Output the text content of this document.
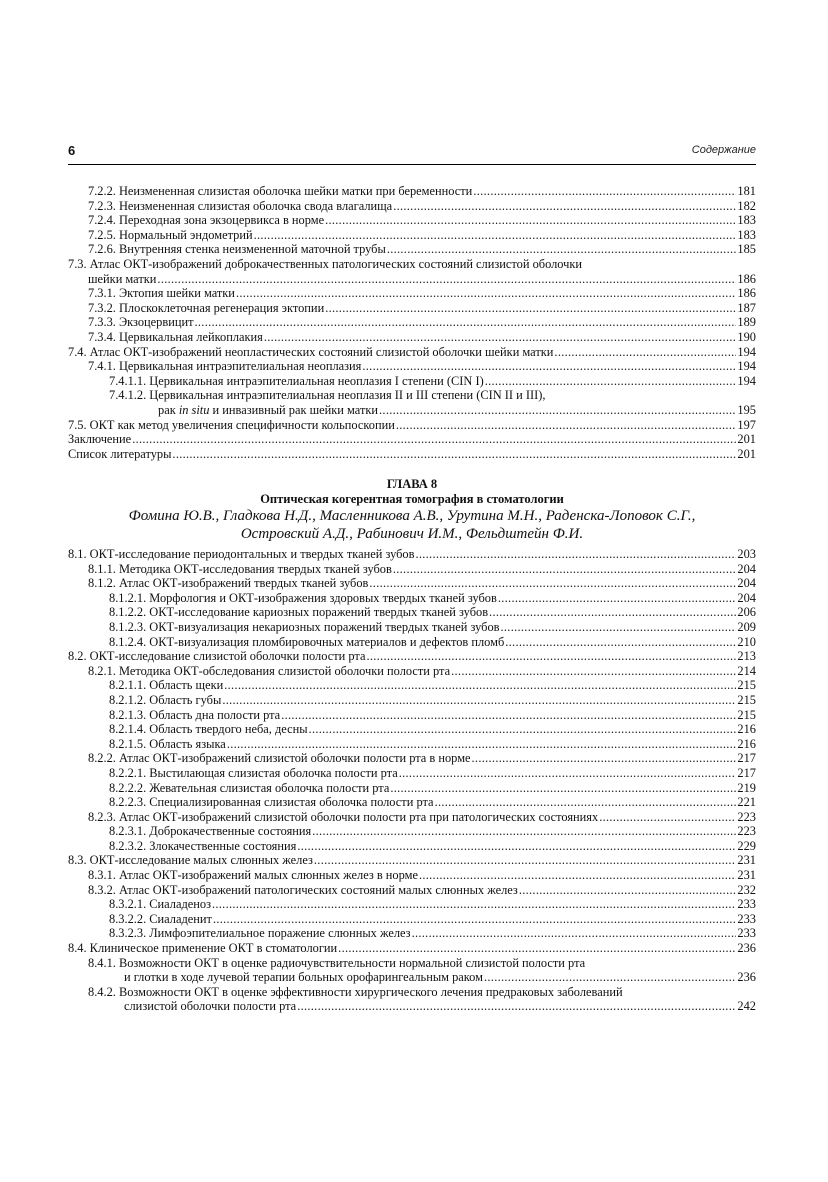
6	Содержание
7.2.2. Неизмененная слизистая оболочка шейки матки при беременности .....	181
7.2.3. Неизмененная слизистая оболочка свода влагалища .....	182
7.2.4. Переходная зона экзоцервикса в норме .....	183
7.2.5. Нормальный эндометрий .....	183
7.2.6. Внутренняя стенка неизмененной маточной трубы .....	185
7.3. Атлас ОКТ-изображений доброкачественных патологических состояний слизистой оболочки
шейки матки .....	186
7.3.1. Эктопия шейки матки .....	186
7.3.2. Плоскоклеточная регенерация эктопии .....	187
7.3.3. Экзоцервицит .....	189
7.3.4. Цервикальная лейкоплакия .....	190
7.4. Атлас ОКТ-изображений неопластических состояний слизистой оболочки шейки матки .....	194
7.4.1. Цервикальная интраэпителиальная неоплазия .....	194
7.4.1.1. Цервикальная интраэпителиальная неоплазия I степени (CIN I) .....	194
7.4.1.2. Цервикальная интраэпителиальная неоплазия II и III степени (CIN II и III),
рак in situ и инвазивный рак шейки матки .....	195
7.5. ОКТ как метод увеличения специфичности кольпоскопии .....	197
Заключение .....	201
Список литературы .....	201
ГЛАВА 8
Оптическая когерентная томография в стоматологии
Фомина Ю.В., Гладкова Н.Д., Масленникова А.В., Урутина М.Н., Раденска-Лоповок С.Г.,
Островский А.Д., Рабинович И.М., Фельдштейн Ф.И.
8.1. ОКТ-исследование периодонтальных и твердых тканей зубов .....	203
8.1.1. Методика ОКТ-исследования твердых тканей зубов .....	204
8.1.2. Атлас ОКТ-изображений твердых тканей зубов .....	204
8.1.2.1. Морфология и ОКТ-изображения здоровых твердых тканей зубов .....	204
8.1.2.2. ОКТ-исследование кариозных поражений твердых тканей зубов .....	206
8.1.2.3. ОКТ-визуализация некариозных поражений твердых тканей зубов .....	209
8.1.2.4. ОКТ-визуализация пломбировочных материалов и дефектов пломб .....	210
8.2. ОКТ-исследование слизистой оболочки полости рта .....	213
8.2.1. Методика ОКТ-обследования слизистой оболочки полости рта .....	214
8.2.1.1. Область щеки .....	215
8.2.1.2. Область губы .....	215
8.2.1.3. Область дна полости рта .....	215
8.2.1.4. Область твердого неба, десны .....	216
8.2.1.5. Область языка .....	216
8.2.2. Атлас ОКТ-изображений слизистой оболочки полости рта в норме .....	217
8.2.2.1. Выстилающая слизистая оболочка полости рта .....	217
8.2.2.2. Жевательная слизистая оболочка полости рта .....	219
8.2.2.3. Специализированная слизистая оболочка полости рта .....	221
8.2.3. Атлас ОКТ-изображений слизистой оболочки полости рта при патологических состояниях .....	223
8.2.3.1. Доброкачественные состояния .....	223
8.2.3.2. Злокачественные состояния .....	229
8.3. ОКТ-исследование малых слюнных желез .....	231
8.3.1. Атлас ОКТ-изображений малых слюнных желез в норме .....	231
8.3.2. Атлас ОКТ-изображений патологических состояний малых слюнных желез .....	232
8.3.2.1. Сиаладеноз .....	233
8.3.2.2. Сиаладенит .....	233
8.3.2.3. Лимфоэпителиальное поражение слюнных желез .....	233
8.4. Клиническое применение ОКТ в стоматологии .....	236
8.4.1. Возможности ОКТ в оценке радиочувствительности нормальной слизистой полости рта
и глотки в ходе лучевой терапии больных орофарингеальным раком .....	236
8.4.2. Возможности ОКТ в оценке эффективности хирургического лечения предраковых заболеваний
слизистой оболочки полости рта .....	242
